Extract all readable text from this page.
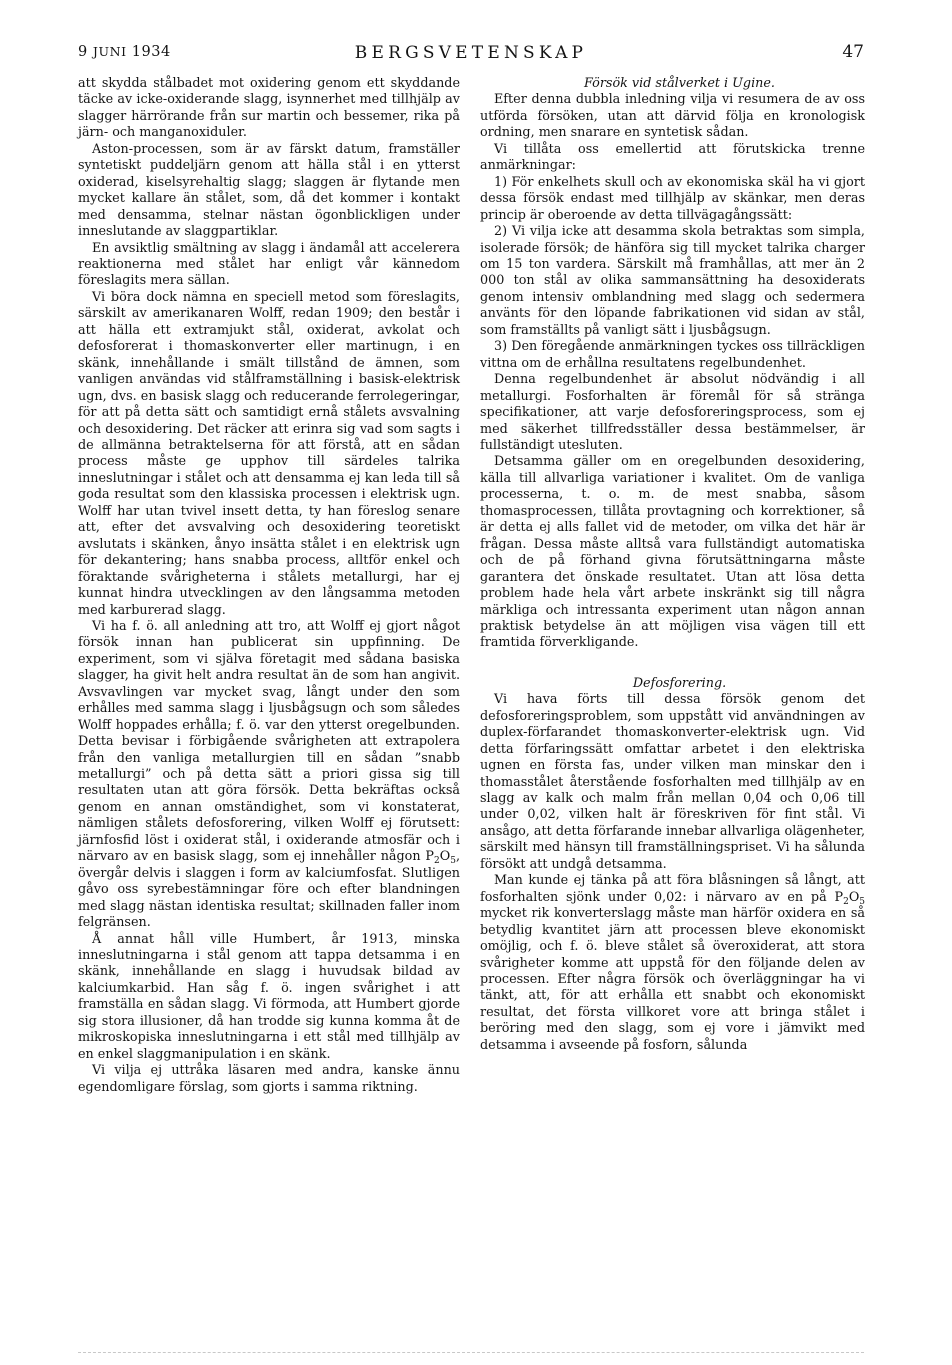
9 JUNI 1934	BERGSVETENSKAP	47

att skydda stålbadet mot oxidering genom ett skyddande täcke av icke-oxiderande slagg, isynnerhet med tillhjälp av slagger härrörande från sur martin och bessemer, rika på järn- och manganoxiduler.

Aston-processen, som är av färskt datum, framställer syntetiskt puddeljärn genom att hälla stål i en ytterst oxiderad, kiselsyrehaltig slagg; slaggen är flytande men mycket kallare än stålet, som, då det kommer i kontakt med densamma, stelnar nästan ögonblickligen under inneslutande av slaggpartiklar.

En avsiktlig smältning av slagg i ändamål att accelerera reaktionerna med stålet har enligt vår kännedom föreslagits mera sällan.

Vi böra dock nämna en speciell metod som föreslagits, särskilt av amerikanaren Wolff, redan 1909; den består i att hälla ett extramjukt stål, oxiderat, avkolat och defosforerat i thomaskonverter eller martinugn, i en skänk, innehållande i smält tillstånd de ämnen, som vanligen användas vid stålframställning i basisk-elektrisk ugn, dvs. en basisk slagg och reducerande ferrolegeringar, för att på detta sätt och samtidigt ernå stålets avsvalning och desoxidering. Det räcker att erinra sig vad som sagts i de allmänna betraktelserna för att förstå, att en sådan process måste ge upphov till särdeles talrika inneslutningar i stålet och att densamma ej kan leda till så goda resultat som den klassiska processen i elektrisk ugn. Wolff har utan tvivel insett detta, ty han föreslog senare att, efter det avsvalving och desoxidering teoretiskt avslutats i skänken, ånyo insätta stålet i en elektrisk ugn för dekantering; hans snabba process, alltför enkel och föraktande svårigheterna i stålets metallurgi, har ej kunnat hindra utvecklingen av den långsamma metoden med karburerad slagg.

Vi ha f. ö. all anledning att tro, att Wolff ej gjort något försök innan han publicerat sin uppfinning. De experiment, som vi själva företagit med sådana basiska slagger, ha givit helt andra resultat än de som han angivit. Avsvavlingen var mycket svag, långt under den som erhålles med samma slagg i ljusbågsugn och som således Wolff hoppades erhålla; f. ö. var den ytterst oregelbunden. Detta bevisar i förbigående svårigheten att extrapolera från den vanliga metallurgien till en sådan ”snabb metallurgi” och på detta sätt a priori gissa sig till resultaten utan att göra försök. Detta bekräftas också genom en annan omständighet, som vi konstaterat, nämligen stålets defosforering, vilken Wolff ej förutsett: järnfosfid löst i oxiderat stål, i oxiderande atmosfär och i närvaro av en basisk slagg, som ej innehåller någon $P_2O_5$, övergår delvis i slaggen i form av kalciumfosfat. Slutligen gåvo oss syrebestämningar före och efter blandningen med slagg nästan identiska resultat; skillnaden faller inom felgränsen.

Å annat håll ville Humbert, år 1913, minska inneslutningarna i stål genom att tappa detsamma i en skänk, innehållande en slagg i huvudsak bildad av kalciumkarbid. Han såg f. ö. ingen svårighet i att framställa en sådan slagg. Vi förmoda, att Humbert gjorde sig stora illusioner, då han trodde sig kunna komma åt de mikroskopiska inneslutningarna i ett stål med tillhjälp av en enkel slaggmanipulation i en skänk.

Vi vilja ej uttråka läsaren med andra, kanske ännu egendomligare förslag, som gjorts i samma riktning.

Försök vid stålverket i Ugine.

Efter denna dubbla inledning vilja vi resumera de av oss utförda försöken, utan att därvid följa en kronologisk ordning, men snarare en syntetisk sådan.

Vi tillåta oss emellertid att förutskicka trenne anmärkningar:

1) För enkelhets skull och av ekonomiska skäl ha vi gjort dessa försök endast med tillhjälp av skänkar, men deras princip är oberoende av detta tillvägagångssätt:

2) Vi vilja icke att desamma skola betraktas som simpla, isolerade försök; de hänföra sig till mycket talrika charger om 15 ton vardera. Särskilt må framhållas, att mer än 2 000 ton stål av olika sammansättning ha desoxiderats genom intensiv omblandning med slagg och sedermera använts för den löpande fabrikationen vid sidan av stål, som framställts på vanligt sätt i ljusbågsugn.

3) Den föregående anmärkningen tyckes oss tillräckligen vittna om de erhållna resultatens regelbundenhet.

Denna regelbundenhet är absolut nödvändig i all metallurgi. Fosforhalten är föremål för så stränga specifikationer, att varje defosforeringsprocess, som ej med säkerhet tillfredsställer dessa bestämmelser, är fullständigt utesluten.

Detsamma gäller om en oregelbunden desoxidering, källa till allvarliga variationer i kvalitet. Om de vanliga processerna, t. o. m. de mest snabba, såsom thomasprocessen, tillåta provtagning och korrektioner, så är detta ej alls fallet vid de metoder, om vilka det här är frågan. Dessa måste alltså vara fullständigt automatiska och de på förhand givna förutsättningarna måste garantera det önskade resultatet. Utan att lösa detta problem hade hela vårt arbete inskränkt sig till några märkliga och intressanta experiment utan någon annan praktisk betydelse än att möjligen visa vägen till ett framtida förverkligande.

Defosforering.

Vi hava förts till dessa försök genom det defosforeringsproblem, som uppstått vid användningen av duplex-förfarandet thomaskonverter-elektrisk ugn. Vid detta förfaringssätt omfattar arbetet i den elektriska ugnen en första fas, under vilken man minskar den i thomasstålet återstående fosforhalten med tillhjälp av en slagg av kalk och malm från mellan 0,04 och 0,06 till under 0,02, vilken halt är föreskriven för fint stål. Vi ansågo, att detta förfarande innebar allvarliga olägenheter, särskilt med hänsyn till framställningspriset. Vi ha sålunda försökt att undgå detsamma.

Man kunde ej tänka på att föra blåsningen så långt, att fosforhalten sjönk under 0,02: i närvaro av en på $P_2O_5$ mycket rik konverterslagg måste man härför oxidera en så betydlig kvantitet järn att processen bleve ekonomiskt omöjlig, och f. ö. bleve stålet så överoxiderat, att stora svårigheter komme att uppstå för den följande delen av processen. Efter några försök och överläggningar ha vi tänkt, att, för att erhålla ett snabbt och ekonomiskt resultat, det första villkoret vore att bringa stålet i beröring med den slagg, som ej vore i jämvikt med detsamma i avseende på fosforn, sålunda
